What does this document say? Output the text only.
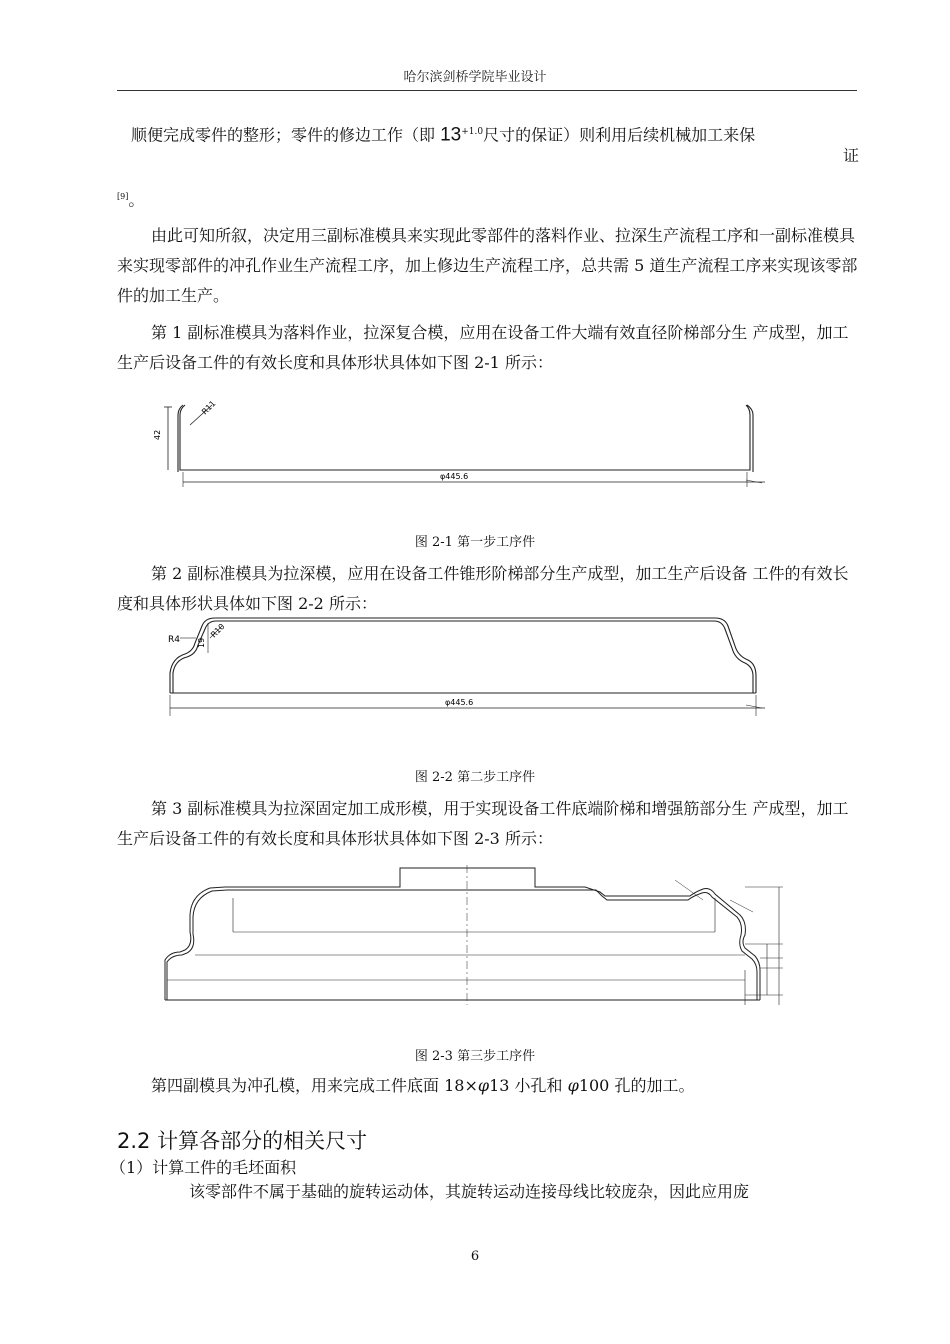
哈尔滨剑桥学院毕业设计
顺便完成零件的整形；零件的修边工作（即 $13^{+1.0}$尺寸的保证）则利用后续机械加工来保
证
[9]。
由此可知所叙，决定用三副标准模具来实现此零部件的落料作业、拉深生产流程工序和一副标准模具来实现零部件的冲孔作业生产流程工序，加上修边生产流程工序，总共需 5 道生产流程工序来实现该零部件的加工生产。
第 1 副标准模具为落料作业，拉深复合模，应用在设备工件大端有效直径阶梯部分生 产成型，加工生产后设备工件的有效长度和具体形状具体如下图 2-1 所示：
42
R11
φ445.6
图 2-1 第一步工序件
第 2 副标准模具为拉深模，应用在设备工件锥形阶梯部分生产成型，加工生产后设备 工件的有效长度和具体形状具体如下图 2-2 所示：
R4 19
R10
φ445.6
图 2-2 第二步工序件
第 3 副标准模具为拉深固定加工成形模，用于实现设备工件底端阶梯和增强筋部分生 产成型，加工生产后设备工件的有效长度和具体形状具体如下图 2-3 所示：
图 2-3 第三步工序件
第四副模具为冲孔模，用来完成工件底面 18×φ13 小孔和 φ100 孔的加工。
2.2 计算各部分的相关尺寸
（1）计算工件的毛坯面积
该零部件不属于基础的旋转运动体，其旋转运动连接母线比较庞杂，因此应用庞
6
